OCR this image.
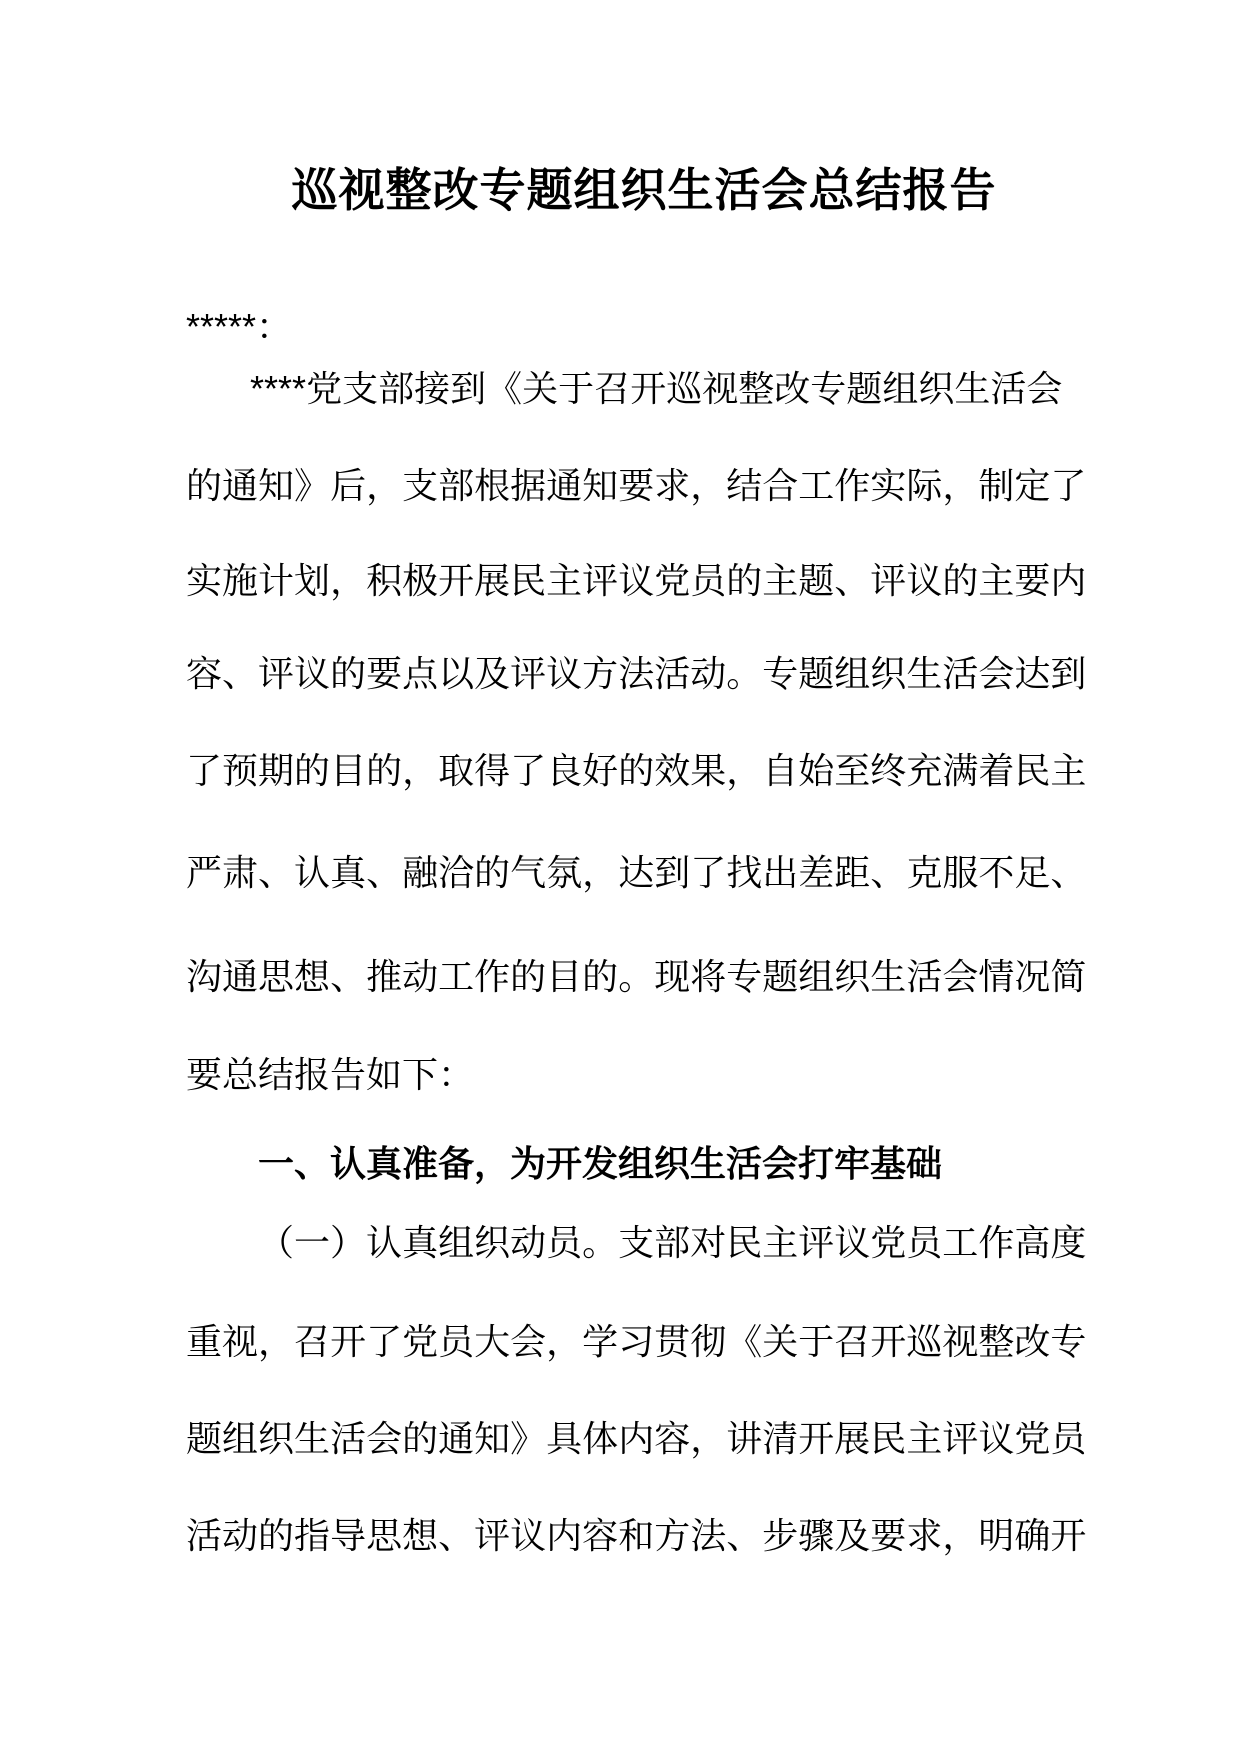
巡视整改专题组织生活会总结报告
*****：
* * * * 党 支 部 接 到 《 关 于 召 开 巡 视 整 改 专 题 组 织 生 活 会
的 通 知 》 后 ， 支 部 根 据 通 知 要 求 ， 结 合 工 作 实 际 ， 制 定 了
实 施 计 划 ， 积 极 开 展 民 主 评 议 党 员 的 主 题 、 评 议 的 主 要 内
容 、 评 议 的 要 点 以 及 评 议 方 法 活 动 。 专 题 组 织 生 活 会 达 到
了 预 期 的 目 的 ， 取 得 了 良 好 的 效 果 ， 自 始 至 终 充 满 着 民 主
严 肃 、 认 真 、 融 洽 的 气 氛 ， 达 到 了 找 出 差 距 、 克 服 不 足 、
沟 通 思 想 、 推 动 工 作 的 目 的 。 现 将 专 题 组 织 生 活 会 情 况 简
要总结报告如下：
一、认真准备，为开发组织生活会打牢基础
（ 一 ） 认 真 组 织 动 员 。 支 部 对 民 主 评 议 党 员 工 作 高 度
重 视 ， 召 开 了 党 员 大 会 ， 学 习 贯 彻 《 关 于 召 开 巡 视 整 改 专
题 组 织 生 活 会 的 通 知 》 具 体 内 容 ， 讲 清 开 展 民 主 评 议 党 员
活 动 的 指 导 思 想 、 评 议 内 容 和 方 法 、 步 骤 及 要 求 ， 明 确 开
